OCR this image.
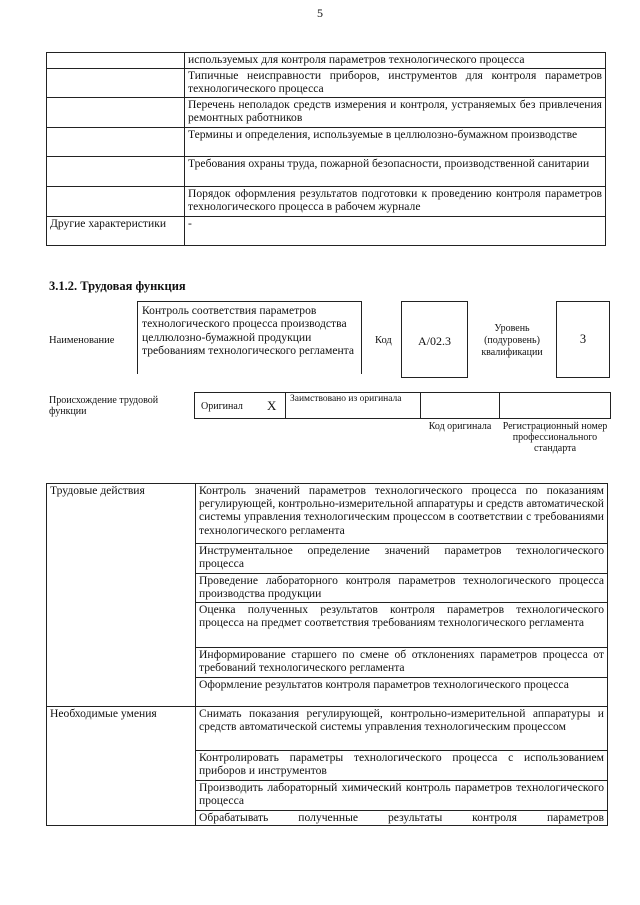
5
	используемых для контроля параметров технологического процесса
	Типичные неисправности приборов, инструментов для контроля параметров технологического процесса
	Перечень неполадок средств измерения и контроля, устраняемых без привлечения ремонтных работников
	Термины и определения, используемые в целлюлозно-бумажном производстве
	Требования охраны труда, пожарной безопасности, производственной санитарии
	Порядок оформления результатов подготовки к проведению контроля параметров технологического процесса в рабочем журнале
Другие характеристики	-
3.1.2. Трудовая функция
Наименование
Контроль соответствия параметров технологического процесса производства целлюлозно-бумажной продукции требованиям технологического регламента
Код	А/02.3
Уровень (подуровень) квалификации
3
Происхождение трудовой функции	Оригинал X Заимствовано из оригинала
Код оригинала	Регистрационный номер профессионального стандарта
Трудовые действия	Контроль значений параметров технологического процесса по показаниям регулирующей, контрольно-измерительной аппаратуры и средств автоматической системы управления технологическим процессом в соответствии с требованиями технологического регламента
	Инструментальное определение значений параметров технологического процесса
	Проведение лабораторного контроля параметров технологического процесса производства продукции
	Оценка полученных результатов контроля параметров технологического процесса на предмет соответствия требованиям технологического регламента
	Информирование старшего по смене об отклонениях параметров процесса от требований технологического регламента
	Оформление результатов контроля параметров технологического процесса
Необходимые умения	Снимать показания регулирующей, контрольно-измерительной аппаратуры и средств автоматической системы управления технологическим процессом
	Контролировать параметры технологического процесса с использованием приборов и инструментов
	Производить лабораторный химический контроль параметров технологического процесса
	Обрабатывать полученные результаты контроля параметров
